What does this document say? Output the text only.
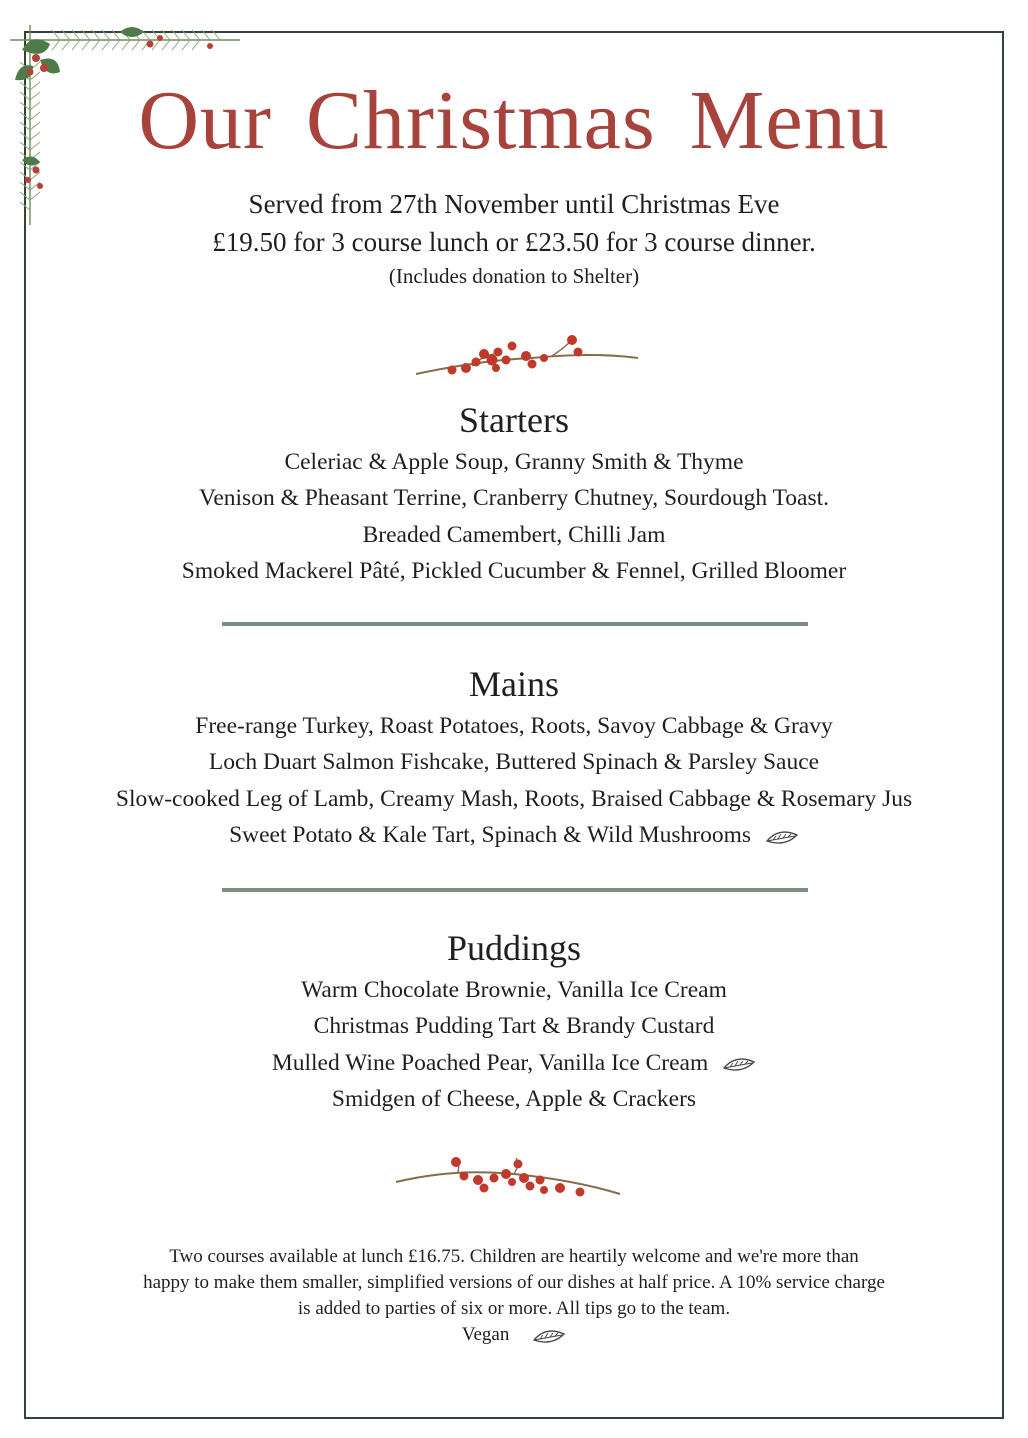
Our Christmas Menu
Served from 27th November until Christmas Eve
£19.50 for 3 course lunch or £23.50 for 3 course dinner.
(Includes donation to Shelter)
Starters
Celeriac & Apple Soup, Granny Smith & Thyme
Venison & Pheasant Terrine, Cranberry Chutney, Sourdough Toast.
Breaded Camembert, Chilli Jam
Smoked Mackerel Pâté, Pickled Cucumber & Fennel, Grilled Bloomer
Mains
Free-range Turkey, Roast Potatoes, Roots, Savoy Cabbage & Gravy
Loch Duart Salmon Fishcake, Buttered Spinach & Parsley Sauce
Slow-cooked Leg of Lamb, Creamy Mash, Roots, Braised Cabbage & Rosemary Jus
Sweet Potato & Kale Tart, Spinach & Wild Mushrooms
Puddings
Warm Chocolate Brownie, Vanilla Ice Cream
Christmas Pudding Tart & Brandy Custard
Mulled Wine Poached Pear, Vanilla Ice Cream
Smidgen of Cheese, Apple & Crackers
Two courses available at lunch £16.75. Children are heartily welcome and we're more than
happy to make them smaller, simplified versions of our dishes at half price. A 10% service charge
is added to parties of six or more. All tips go to the team.
Vegan
